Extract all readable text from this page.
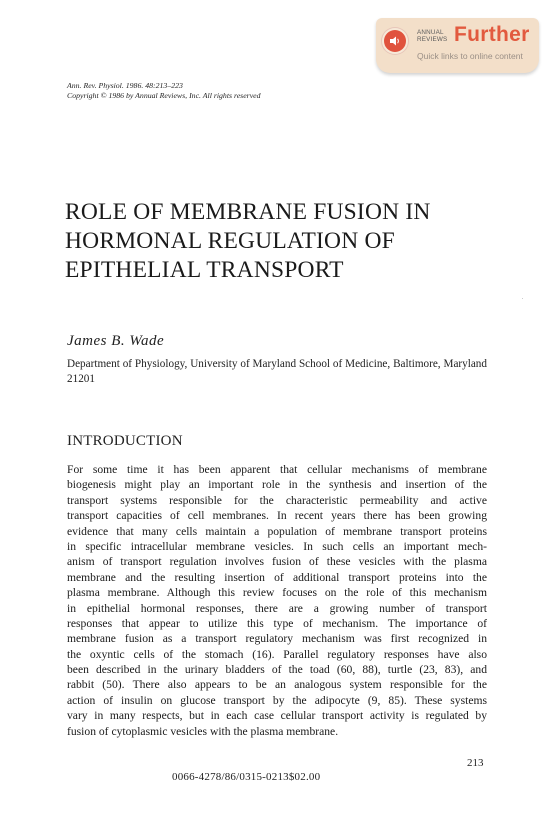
ANNUAL
REVIEWS Further
Quick links to online content
Ann. Rev. Physiol. 1986. 48:213–223
Copyright © 1986 by Annual Reviews, Inc. All rights reserved
ROLE OF MEMBRANE FUSION IN
HORMONAL REGULATION OF
EPITHELIAL TRANSPORT
James B. Wade
Department of Physiology, University of Maryland School of Medicine, Baltimore, Maryland 21201
INTRODUCTION
For some time it has been apparent that cellular mechanisms of membrane
biogenesis might play an important role in the synthesis and insertion of the
transport systems responsible for the characteristic permeability and active
transport capacities of cell membranes. In recent years there has been growing
evidence that many cells maintain a population of membrane transport proteins
in specific intracellular membrane vesicles. In such cells an important mech-
anism of transport regulation involves fusion of these vesicles with the plasma
membrane and the resulting insertion of additional transport proteins into the
plasma membrane. Although this review focuses on the role of this mechanism
in epithelial hormonal responses, there are a growing number of transport
responses that appear to utilize this type of mechanism. The importance of
membrane fusion as a transport regulatory mechanism was first recognized in
the oxyntic cells of the stomach (16). Parallel regulatory responses have also
been described in the urinary bladders of the toad (60, 88), turtle (23, 83), and
rabbit (50). There also appears to be an analogous system responsible for the
action of insulin on glucose transport by the adipocyte (9, 85). These systems
vary in many respects, but in each case cellular transport activity is regulated by
fusion of cytoplasmic vesicles with the plasma membrane.
213
0066-4278/86/0315-0213$02.00
